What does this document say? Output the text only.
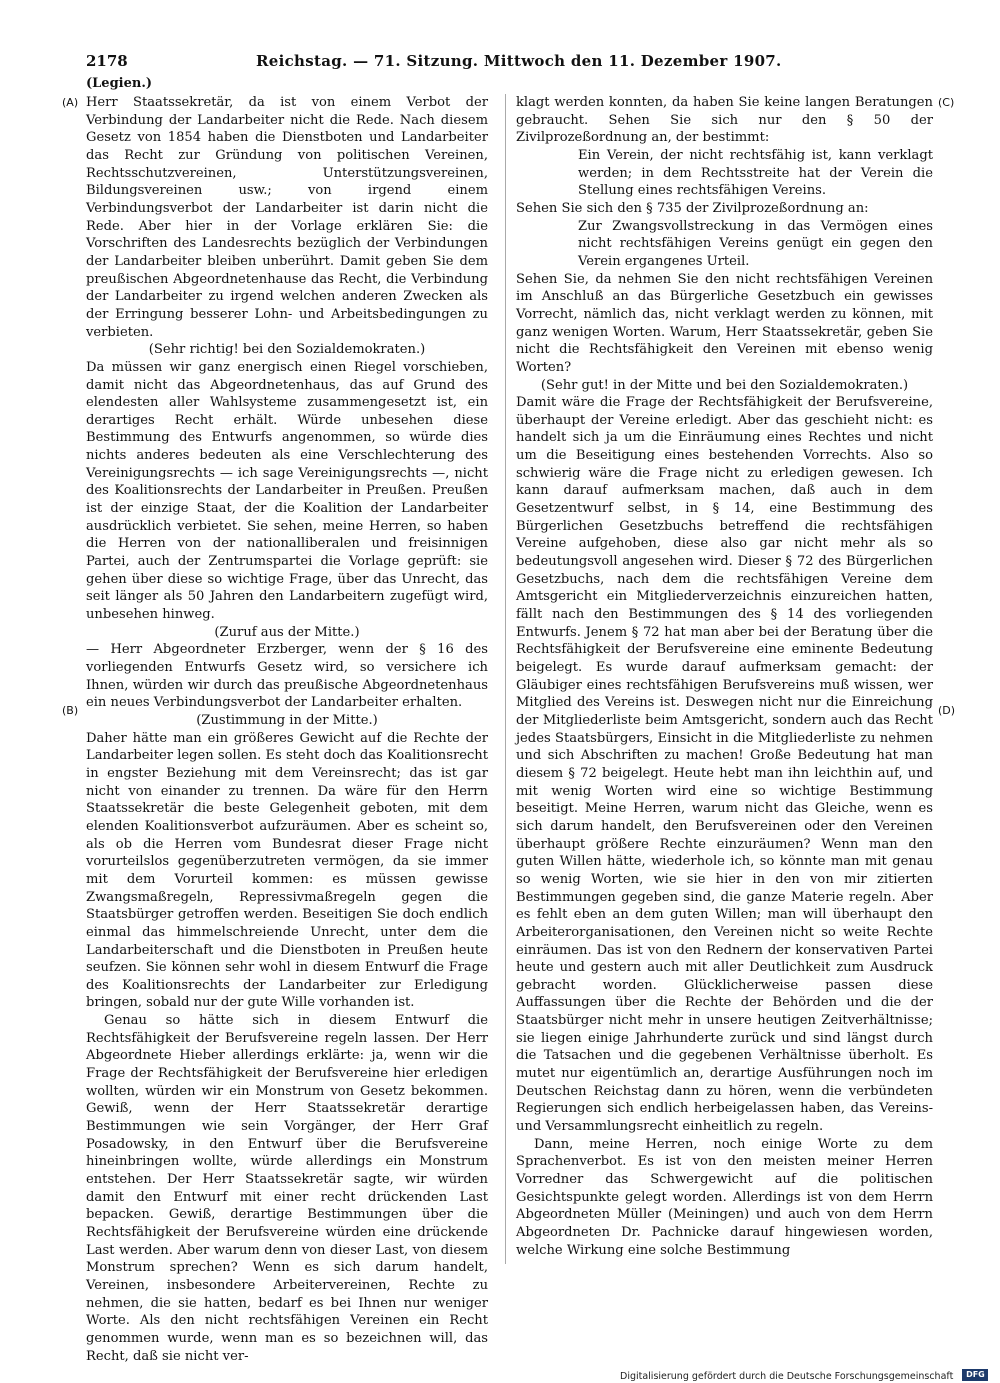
2178	Reichstag. — 71. Sitzung. Mittwoch den 11. Dezember 1907.
(Legien.)
(A)
(B)
(C)
(D)

Herr Staatssekretär, da ist von einem Verbot der Verbindung der Landarbeiter nicht die Rede. Nach diesem Gesetz von 1854 haben die Dienstboten und Landarbeiter das Recht zur Gründung von politischen Vereinen, Rechtsschutzvereinen, Unterstützungsvereinen, Bildungsvereinen usw.; von irgend einem Verbindungsverbot der Landarbeiter ist darin nicht die Rede. Aber hier in der Vorlage erklären Sie: die Vorschriften des Landesrechts bezüglich der Verbindungen der Landarbeiter bleiben unberührt. Damit geben Sie dem preußischen Abgeordnetenhause das Recht, die Verbindung der Landarbeiter zu irgend welchen anderen Zwecken als der Erringung besserer Lohn- und Arbeitsbedingungen zu verbieten.

(Sehr richtig! bei den Sozialdemokraten.)

Da müssen wir ganz energisch einen Riegel vorschieben, damit nicht das Abgeordnetenhaus, das auf Grund des elendesten aller Wahlsysteme zusammengesetzt ist, ein derartiges Recht erhält. Würde unbesehen diese Bestimmung des Entwurfs angenommen, so würde dies nichts anderes bedeuten als eine Verschlechterung des Vereinigungsrechts — ich sage Vereinigungsrechts —, nicht des Koalitionsrechts der Landarbeiter in Preußen. Preußen ist der einzige Staat, der die Koalition der Landarbeiter ausdrücklich verbietet. Sie sehen, meine Herren, so haben die Herren von der nationalliberalen und freisinnigen Partei, auch der Zentrumspartei die Vorlage geprüft: sie gehen über diese so wichtige Frage, über das Unrecht, das seit länger als 50 Jahren den Landarbeitern zugefügt wird, unbesehen hinweg.

(Zuruf aus der Mitte.)

— Herr Abgeordneter Erzberger, wenn der § 16 des vorliegenden Entwurfs Gesetz wird, so versichere ich Ihnen, würden wir durch das preußische Abgeordnetenhaus ein neues Verbindungsverbot der Landarbeiter erhalten.

(Zustimmung in der Mitte.)

Daher hätte man ein größeres Gewicht auf die Rechte der Landarbeiter legen sollen. Es steht doch das Koalitionsrecht in engster Beziehung mit dem Vereinsrecht; das ist gar nicht von einander zu trennen. Da wäre für den Herrn Staatssekretär die beste Gelegenheit geboten, mit dem elenden Koalitionsverbot aufzuräumen. Aber es scheint so, als ob die Herren vom Bundesrat dieser Frage nicht vorurteilslos gegenüberzutreten vermögen, da sie immer mit dem Vorurteil kommen: es müssen gewisse Zwangsmaßregeln, Repressivmaßregeln gegen die Staatsbürger getroffen werden. Beseitigen Sie doch endlich einmal das himmelschreiende Unrecht, unter dem die Landarbeiterschaft und die Dienstboten in Preußen heute seufzen. Sie können sehr wohl in diesem Entwurf die Frage des Koalitionsrechts der Landarbeiter zur Erledigung bringen, sobald nur der gute Wille vorhanden ist.

Genau so hätte sich in diesem Entwurf die Rechtsfähigkeit der Berufsvereine regeln lassen. Der Herr Abgeordnete Hieber allerdings erklärte: ja, wenn wir die Frage der Rechtsfähigkeit der Berufsvereine hier erledigen wollten, würden wir ein Monstrum von Gesetz bekommen. Gewiß, wenn der Herr Staatssekretär derartige Bestimmungen wie sein Vorgänger, der Herr Graf Posadowsky, in den Entwurf über die Berufsvereine hineinbringen wollte, würde allerdings ein Monstrum entstehen. Der Herr Staatssekretär sagte, wir würden damit den Entwurf mit einer recht drückenden Last bepacken. Gewiß, derartige Bestimmungen über die Rechtsfähigkeit der Berufsvereine würden eine drückende Last werden. Aber warum denn von dieser Last, von diesem Monstrum sprechen? Wenn es sich darum handelt, Vereinen, insbesondere Arbeitervereinen, Rechte zu nehmen, die sie hatten, bedarf es bei Ihnen nur weniger Worte. Als den nicht rechtsfähigen Vereinen ein Recht genommen wurde, wenn man es so bezeichnen will, das Recht, daß sie nicht ver-

klagt werden konnten, da haben Sie keine langen Beratungen gebraucht. Sehen Sie sich nur den § 50 der Zivilprozeßordnung an, der bestimmt:

Ein Verein, der nicht rechtsfähig ist, kann verklagt werden; in dem Rechtsstreite hat der Verein die Stellung eines rechtsfähigen Vereins.

Sehen Sie sich den § 735 der Zivilprozeßordnung an:

Zur Zwangsvollstreckung in das Vermögen eines nicht rechtsfähigen Vereins genügt ein gegen den Verein ergangenes Urteil.

Sehen Sie, da nehmen Sie den nicht rechtsfähigen Vereinen im Anschluß an das Bürgerliche Gesetzbuch ein gewisses Vorrecht, nämlich das, nicht verklagt werden zu können, mit ganz wenigen Worten. Warum, Herr Staatssekretär, geben Sie nicht die Rechtsfähigkeit den Vereinen mit ebenso wenig Worten?

(Sehr gut! in der Mitte und bei den Sozialdemokraten.)

Damit wäre die Frage der Rechtsfähigkeit der Berufsvereine, überhaupt der Vereine erledigt. Aber das geschieht nicht: es handelt sich ja um die Einräumung eines Rechtes und nicht um die Beseitigung eines bestehenden Vorrechts. Also so schwierig wäre die Frage nicht zu erledigen gewesen. Ich kann darauf aufmerksam machen, daß auch in dem Gesetzentwurf selbst, in § 14, eine Bestimmung des Bürgerlichen Gesetzbuchs betreffend die rechtsfähigen Vereine aufgehoben, diese also gar nicht mehr als so bedeutungsvoll angesehen wird. Dieser § 72 des Bürgerlichen Gesetzbuchs, nach dem die rechtsfähigen Vereine dem Amtsgericht ein Mitgliederverzeichnis einzureichen hatten, fällt nach den Bestimmungen des § 14 des vorliegenden Entwurfs. Jenem § 72 hat man aber bei der Beratung über die Rechtsfähigkeit der Berufsvereine eine eminente Bedeutung beigelegt. Es wurde darauf aufmerksam gemacht: der Gläubiger eines rechtsfähigen Berufsvereins muß wissen, wer Mitglied des Vereins ist. Deswegen nicht nur die Einreichung der Mitgliederliste beim Amtsgericht, sondern auch das Recht jedes Staatsbürgers, Einsicht in die Mitgliederliste zu nehmen und sich Abschriften zu machen! Große Bedeutung hat man diesem § 72 beigelegt. Heute hebt man ihn leichthin auf, und mit wenig Worten wird eine so wichtige Bestimmung beseitigt. Meine Herren, warum nicht das Gleiche, wenn es sich darum handelt, den Berufsvereinen oder den Vereinen überhaupt größere Rechte einzuräumen? Wenn man den guten Willen hätte, wiederhole ich, so könnte man mit genau so wenig Worten, wie sie hier in den von mir zitierten Bestimmungen gegeben sind, die ganze Materie regeln. Aber es fehlt eben an dem guten Willen; man will überhaupt den Arbeiterorganisationen, den Vereinen nicht so weite Rechte einräumen. Das ist von den Rednern der konservativen Partei heute und gestern auch mit aller Deutlichkeit zum Ausdruck gebracht worden. Glücklicherweise passen diese Auffassungen über die Rechte der Behörden und die der Staatsbürger nicht mehr in unsere heutigen Zeitverhältnisse; sie liegen einige Jahrhunderte zurück und sind längst durch die Tatsachen und die gegebenen Verhältnisse überholt. Es mutet nur eigentümlich an, derartige Ausführungen noch im Deutschen Reichstag dann zu hören, wenn die verbündeten Regierungen sich endlich herbeigelassen haben, das Vereins- und Versammlungsrecht einheitlich zu regeln.

Dann, meine Herren, noch einige Worte zu dem Sprachenverbot. Es ist von den meisten meiner Herren Vorredner das Schwergewicht auf die politischen Gesichtspunkte gelegt worden. Allerdings ist von dem Herrn Abgeordneten Müller (Meiningen) und auch von dem Herrn Abgeordneten Dr. Pachnicke darauf hingewiesen worden, welche Wirkung eine solche Bestimmung

Digitalisierung gefördert durch die Deutsche Forschungsgemeinschaft DFG
